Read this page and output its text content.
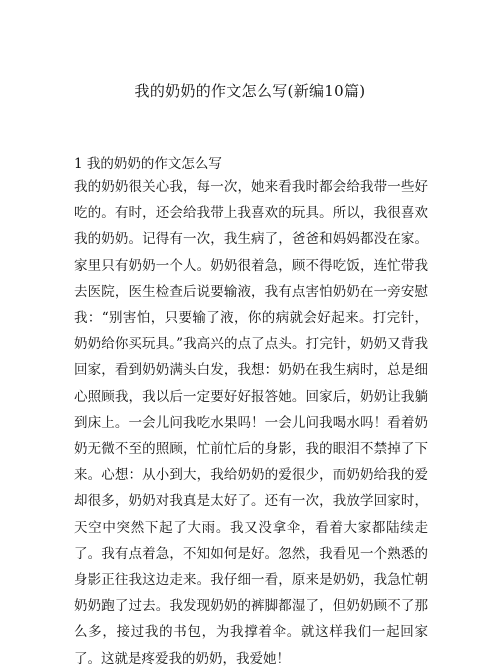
我的奶奶的作文怎么写(新编10篇)
1 我的奶奶的作文怎么写

我的奶奶很关心我，每一次，她来看我时都会给我带一些好吃的。有时，还会给我带上我喜欢的玩具。所以，我很喜欢我的奶奶。记得有一次，我生病了，爸爸和妈妈都没在家。家里只有奶奶一个人。奶奶很着急，顾不得吃饭，连忙带我去医院，医生检查后说要输液，我有点害怕奶奶在一旁安慰我：“别害怕，只要输了液，你的病就会好起来。打完针，奶奶给你买玩具。”我高兴的点了点头。打完针，奶奶又背我回家，看到奶奶满头白发，我想：奶奶在我生病时，总是细心照顾我，我以后一定要好好报答她。回家后，奶奶让我躺到床上。一会儿问我吃水果吗！一会儿问我喝水吗！看着奶奶无微不至的照顾，忙前忙后的身影，我的眼泪不禁掉了下来。心想：从小到大，我给奶奶的爱很少，而奶奶给我的爱却很多，奶奶对我真是太好了。还有一次，我放学回家时，天空中突然下起了大雨。我又没拿伞，看着大家都陆续走了。我有点着急，不知如何是好。忽然，我看见一个熟悉的身影正往我这边走来。我仔细一看，原来是奶奶，我急忙朝奶奶跑了过去。我发现奶奶的裤脚都湿了，但奶奶顾不了那么多，接过我的书包，为我撑着伞。就这样我们一起回家了。这就是疼爱我的奶奶，我爱她！
